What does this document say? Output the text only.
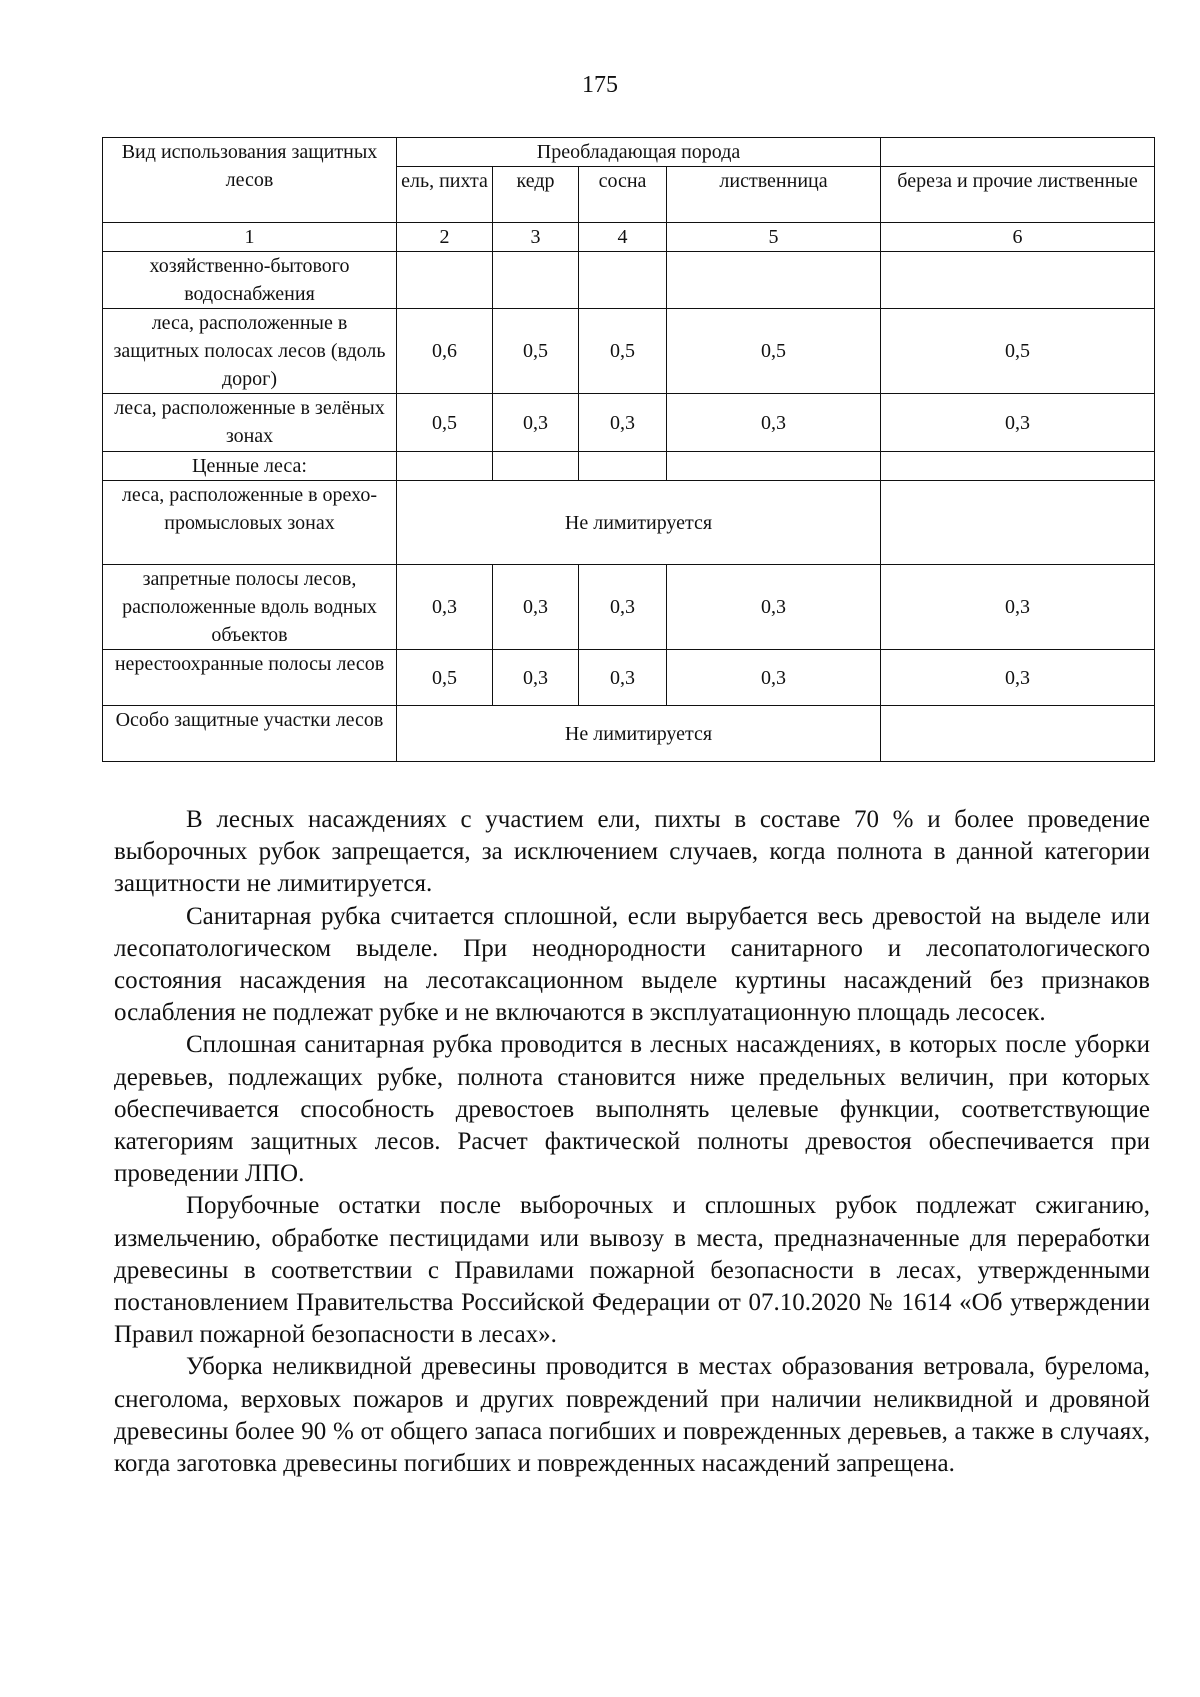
175
Вид использования защитных лесов	Преобладающая порода				
	ель, пихта	кедр	сосна	лиственница	береза и прочие лиственные
1	2	3	4	5	6
хозяйственно-бытового водоснабжения					
леса, расположенные в защитных полосах лесов (вдоль дорог)	0,6	0,5	0,5	0,5	0,5
леса, расположенные в зелёных зонах	0,5	0,3	0,3	0,3	0,3
Ценные леса:					
леса, расположенные в орехо-промысловых зонах	Не лимитируется				
запретные полосы лесов, расположенные вдоль водных объектов	0,3	0,3	0,3	0,3	0,3
нерестоохранные полосы лесов	0,5	0,3	0,3	0,3	0,3
Особо защитные участки лесов	Не лимитируется				

В лесных насаждениях с участием ели, пихты в составе 70 % и более проведение выборочных рубок запрещается, за исключением случаев, когда полнота в данной категории защитности не лимитируется.

Санитарная рубка считается сплошной, если вырубается весь древостой на выделе или лесопатологическом выделе. При неоднородности санитарного и лесопатологического состояния насаждения на лесотаксационном выделе куртины насаждений без признаков ослабления не подлежат рубке и не включаются в эксплуатационную площадь лесосек.

Сплошная санитарная рубка проводится в лесных насаждениях, в которых после уборки деревьев, подлежащих рубке, полнота становится ниже предельных величин, при которых обеспечивается способность древостоев выполнять целевые функции, соответствующие категориям защитных лесов. Расчет фактической полноты древостоя обеспечивается при проведении ЛПО.

Порубочные остатки после выборочных и сплошных рубок подлежат сжиганию, измельчению, обработке пестицидами или вывозу в места, предназначенные для переработки древесины в соответствии с Правилами пожарной безопасности в лесах, утвержденными постановлением Правительства Российской Федерации от 07.10.2020 № 1614 «Об утверждении Правил пожарной безопасности в лесах».

Уборка неликвидной древесины проводится в местах образования ветровала, бурелома, снеголома, верховых пожаров и других повреждений при наличии неликвидной и дровяной древесины более 90 % от общего запаса погибших и поврежденных деревьев, а также в случаях, когда заготовка древесины погибших и поврежденных насаждений запрещена.
